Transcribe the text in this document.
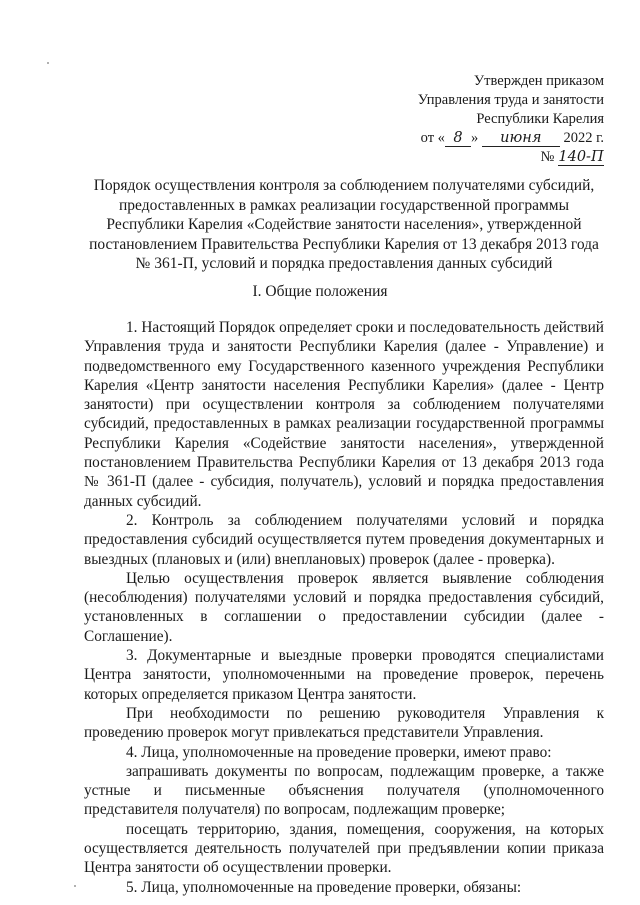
Утвержден приказом
Управления труда и занятости
Республики Карелия
от « 8 » июня 2022 г.
№ 140-П
Порядок осуществления контроля за соблюдением получателями субсидий, предоставленных в рамках реализации государственной программы Республики Карелия «Содействие занятости населения», утвержденной постановлением Правительства Республики Карелия от 13 декабря 2013 года № 361-П, условий и порядка предоставления данных субсидий
I. Общие положения

1. Настоящий Порядок определяет сроки и последовательность действий Управления труда и занятости Республики Карелия (далее - Управление) и подведомственного ему Государственного казенного учреждения Республики Карелия «Центр занятости населения Республики Карелия» (далее - Центр занятости) при осуществлении контроля за соблюдением получателями субсидий, предоставленных в рамках реализации государственной программы Республики Карелия «Содействие занятости населения», утвержденной постановлением Правительства Республики Карелия от 13 декабря 2013 года № 361-П (далее - субсидия, получатель), условий и порядка предоставления данных субсидий.

2. Контроль за соблюдением получателями условий и порядка предоставления субсидий осуществляется путем проведения документарных и выездных (плановых и (или) внеплановых) проверок (далее - проверка).

Целью осуществления проверок является выявление соблюдения (несоблюдения) получателями условий и порядка предоставления субсидий, установленных в соглашении о предоставлении субсидии (далее - Соглашение).

3. Документарные и выездные проверки проводятся специалистами Центра занятости, уполномоченными на проведение проверок, перечень которых определяется приказом Центра занятости.

При необходимости по решению руководителя Управления к проведению проверок могут привлекаться представители Управления.

4. Лица, уполномоченные на проведение проверки, имеют право:

запрашивать документы по вопросам, подлежащим проверке, а также устные и письменные объяснения получателя (уполномоченного представителя получателя) по вопросам, подлежащим проверке;

посещать территорию, здания, помещения, сооружения, на которых осуществляется деятельность получателей при предъявлении копии приказа Центра занятости об осуществлении проверки.

5. Лица, уполномоченные на проведение проверки, обязаны:
